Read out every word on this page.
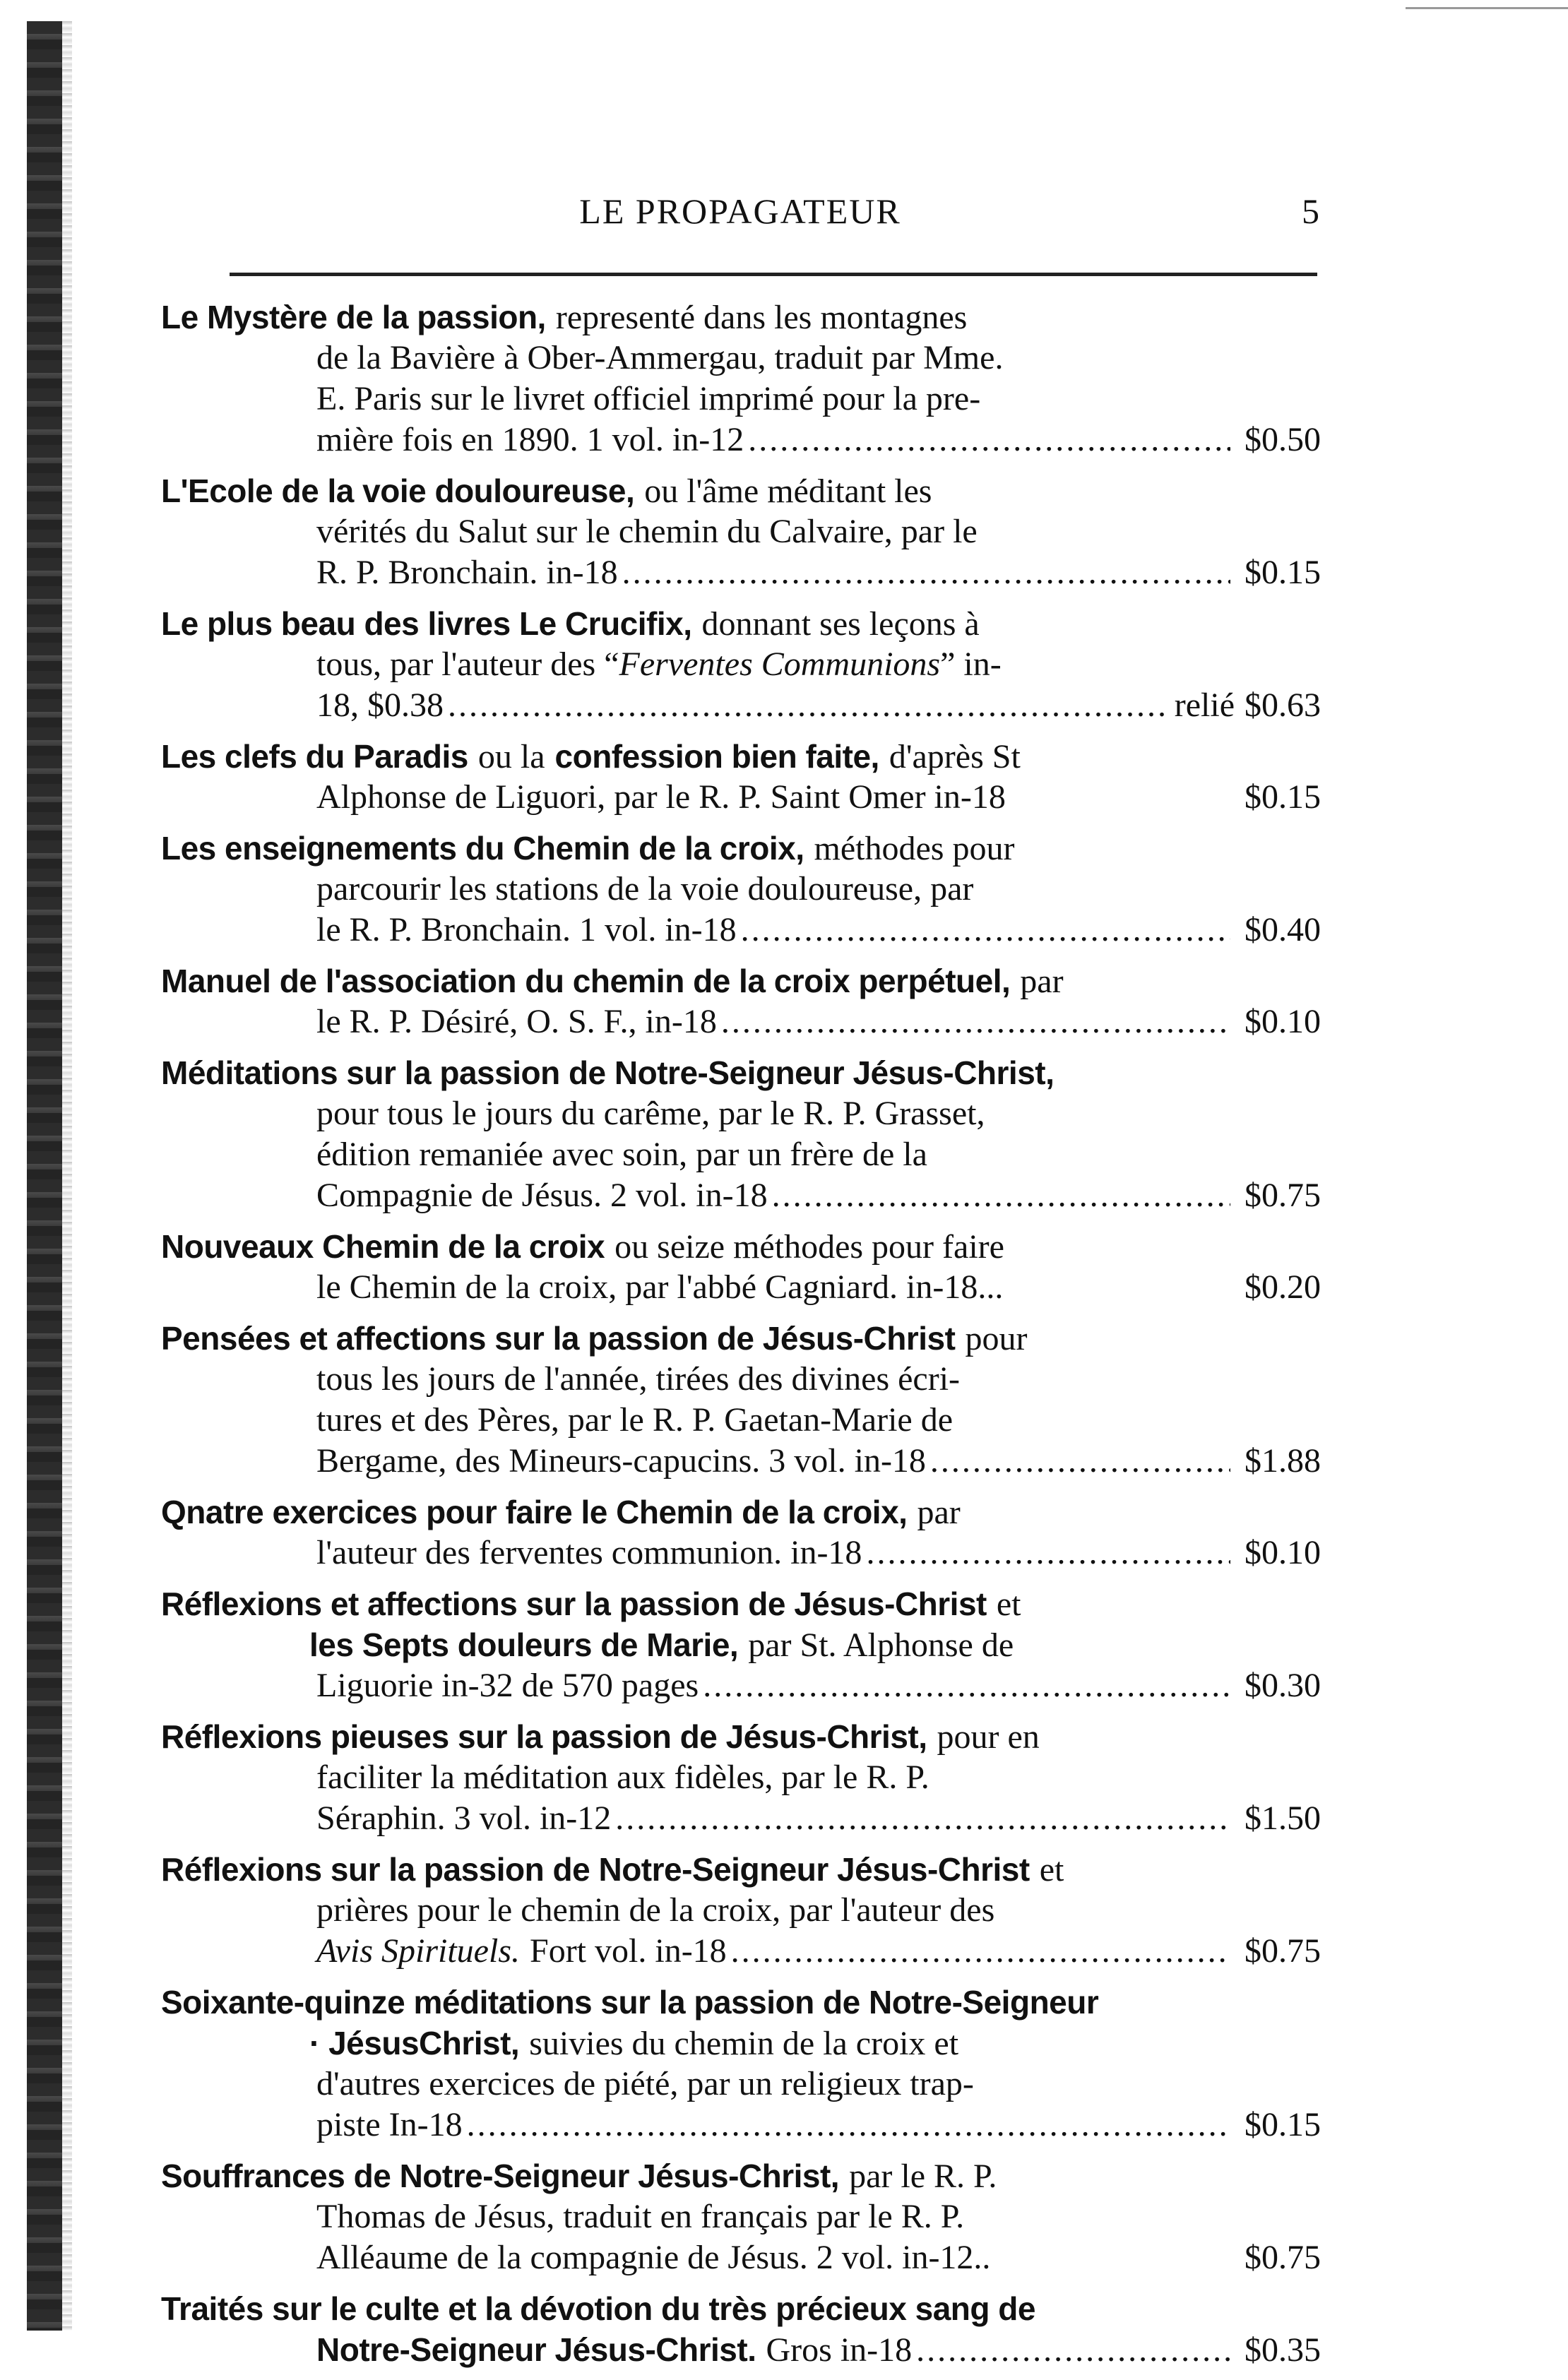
LE PROPAGATEUR	5
Le Mystère de la passion, representé dans les montagnes
de la Bavière à Ober-Ammergau, traduit par Mme.
E. Paris sur le livret officiel imprimé pour la pre-
mière fois en 1890. 1 vol. in-12 .....	$0.50
L'Ecole de la voie douloureuse, ou l'âme méditant les
vérités du Salut sur le chemin du Calvaire, par le
R. P. Bronchain. in-18 .....	$0.15
Le plus beau des livres Le Crucifix, donnant ses leçons à
tous, par l'auteur des “ Ferventes Communions ” in-
18, $0.38 .....	relié $0.63
Les clefs du Paradis ou la confession bien faite, d'après St
Alphonse de Liguori, par le R. P. Saint Omer in-18	$0.15
Les enseignements du Chemin de la croix, méthodes pour
parcourir les stations de la voie douloureuse, par
le R. P. Bronchain. 1 vol. in-18 .....	$0.40
Manuel de l'association du chemin de la croix perpétuel, par
le R. P. Désiré, O. S. F., in-18 .....	$0.10
Méditations sur la passion de Notre-Seigneur Jésus-Christ,
pour tous le jours du carême, par le R. P. Grasset,
édition remaniée avec soin, par un frère de la
Compagnie de Jésus. 2 vol. in-18 .....	$0.75
Nouveaux Chemin de la croix ou seize méthodes pour faire
le Chemin de la croix, par l'abbé Cagniard. in-18...	$0.20
Pensées et affections sur la passion de Jésus-Christ pour
tous les jours de l'année, tirées des divines écri-
tures et des Pères, par le R. P. Gaetan-Marie de
Bergame, des Mineurs-capucins. 3 vol. in-18 .....	$1.88
Qnatre exercices pour faire le Chemin de la croix, par
l'auteur des ferventes communion. in-18 .....	$0.10
Réflexions et affections sur la passion de Jésus-Christ et
les Septs douleurs de Marie, par St. Alphonse de
Liguorie in-32 de 570 pages .....	$0.30
Réflexions pieuses sur la passion de Jésus-Christ, pour en
faciliter la méditation aux fidèles, par le R. P.
Séraphin. 3 vol. in-12 .....	$1.50
Réflexions sur la passion de Notre-Seigneur Jésus-Christ et
prières pour le chemin de la croix, par l'auteur des
Avis Spirituels. Fort vol. in-18 .....	$0.75
Soixante-quinze méditations sur la passion de Notre-Seigneur
· JésusChrist, suivies du chemin de la croix et
d'autres exercices de piété, par un religieux trap-
piste In-18 .....	$0.15
Souffrances de Notre-Seigneur Jésus-Christ, par le R. P.
Thomas de Jésus, traduit en français par le R. P.
Alléaume de la compagnie de Jésus. 2 vol. in-12..	$0.75
Traités sur le culte et la dévotion du très précieux sang de
Notre-Seigneur Jésus-Christ. Gros in-18 .....	$0.35
